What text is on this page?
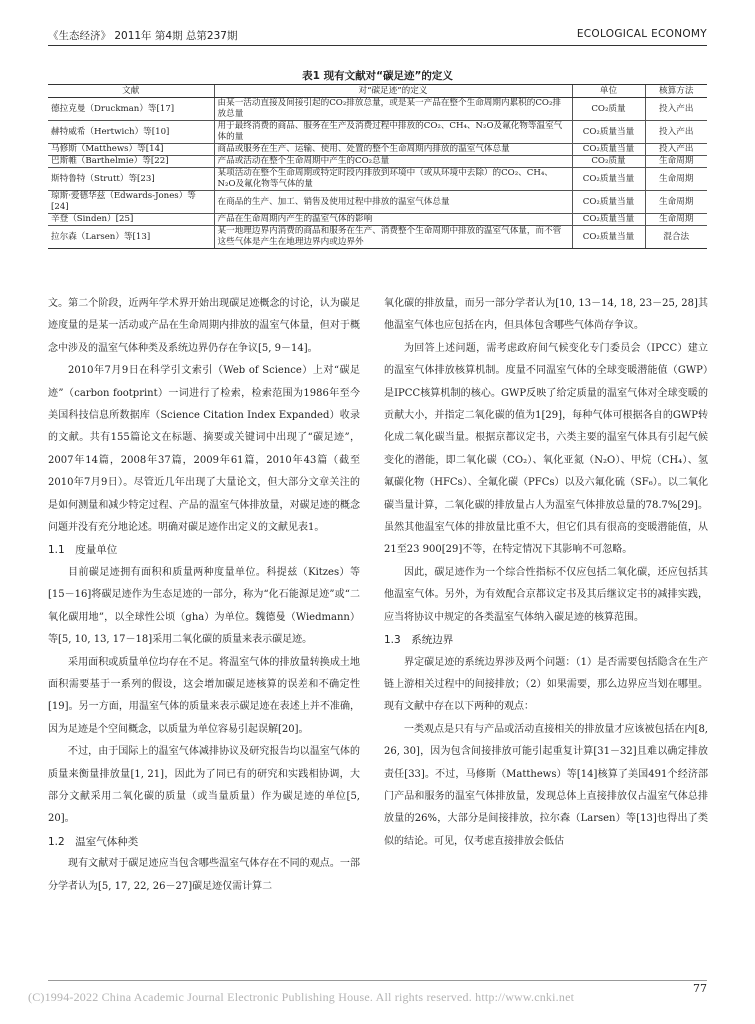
《生态经济》 2011年 第4期 总第237期	ECOLOGICAL ECONOMY
表1 现有文献对“碳足迹”的定义
文献	对“碳足迹”的定义	单位	核算方法
德拉克曼（Druckman）等[17]	由某一活动直接及间接引起的CO₂排放总量，或是某一产品在整个生命周期内累积的CO₂排放总量	CO₂质量	投入产出
赫特威希（Hertwich）等[10]	用于最终消费的商品、服务在生产及消费过程中排放的CO₂、CH₄、N₂O及氟化物等温室气体的量	CO₂质量当量	投入产出
马修斯（Matthews）等[14]	商品或服务在生产、运输、使用、处置的整个生命周期内排放的温室气体总量	CO₂质量当量	投入产出
巴斯帷（Barthelmie）等[22]	产品或活动在整个生命周期中产生的CO₂总量	CO₂质量	生命周期
斯特鲁特（Strutt）等[23]	某项活动在整个生命周期或特定时段内排放到环境中（或从环境中去除）的CO₂、CH₄、N₂O及氟化物等气体的量	CO₂质量当量	生命周期
琼斯·爱德华兹（Edwards-Jones）等[24]	在商品的生产、加工、销售及使用过程中排放的温室气体总量	CO₂质量当量	生命周期
辛登（Sinden）[25]	产品在生命周期内产生的温室气体的影响	CO₂质量当量	生命周期
拉尔森（Larsen）等[13]	某一地理边界内消费的商品和服务在生产、消费整个生命周期中排放的温室气体量，而不管这些气体是产生在地理边界内或边界外	CO₂质量当量	混合法

文。第二个阶段，近两年学术界开始出现碳足迹概念的讨论，认为碳足迹度量的是某一活动或产品在生命周期内排放的温室气体量，但对于概念中涉及的温室气体种类及系统边界仍存在争议[5, 9－14]。

2010年7月9日在科学引文索引（Web of Science）上对“碳足迹”（carbon footprint）一词进行了检索，检索范围为1986年至今美国科技信息所数据库（Science Citation Index Expanded）收录的文献。共有155篇论文在标题、摘要或关键词中出现了“碳足迹”，2007年14篇，2008年37篇，2009年61篇，2010年43篇（截至2010年7月9日）。尽管近几年出现了大量论文，但大部分文章关注的是如何测量和减少特定过程、产品的温室气体排放量，对碳足迹的概念问题并没有充分地论述。明确对碳足迹作出定义的文献见表1。

1.1　度量单位

目前碳足迹拥有面积和质量两种度量单位。科提兹（Kitzes）等[15－16]将碳足迹作为生态足迹的一部分，称为“化石能源足迹”或“二氧化碳用地”，以全球性公顷（gha）为单位。魏德曼（Wiedmann）等[5, 10, 13, 17－18]采用二氧化碳的质量来表示碳足迹。

采用面积或质量单位均存在不足。将温室气体的排放量转换成土地面积需要基于一系列的假设，这会增加碳足迹核算的误差和不确定性[19]。另一方面，用温室气体的质量来表示碳足迹在表述上并不准确，因为足迹是个空间概念，以质量为单位容易引起误解[20]。

不过，由于国际上的温室气体减排协议及研究报告均以温室气体的质量来衡量排放量[1, 21]，因此为了同已有的研究和实践相协调，大部分文献采用二氧化碳的质量（或当量质量）作为碳足迹的单位[5, 20]。

1.2　温室气体种类

现有文献对于碳足迹应当包含哪些温室气体存在不同的观点。一部分学者认为[5, 17, 22, 26－27]碳足迹仅需计算二

氧化碳的排放量，而另一部分学者认为[10, 13－14, 18, 23－25, 28]其他温室气体也应包括在内，但具体包含哪些气体尚存争议。

为回答上述问题，需考虑政府间气候变化专门委员会（IPCC）建立的温室气体排放核算机制。度量不同温室气体的全球变暖潜能值（GWP）是IPCC核算机制的核心。GWP反映了给定质量的温室气体对全球变暖的贡献大小，并指定二氧化碳的值为1[29]，每种气体可根据各自的GWP转化成二氧化碳当量。根据京都议定书，六类主要的温室气体具有引起气候变化的潜能，即二氧化碳（CO₂）、氧化亚氮（N₂O）、甲烷（CH₄）、氢氟碳化物（HFCs）、全氟化碳（PFCs）以及六氟化硫（SF₆）。以二氧化碳当量计算，二氧化碳的排放量占人为温室气体排放总量的78.7%[29]。虽然其他温室气体的排放量比重不大，但它们具有很高的变暖潜能值，从21至23 900[29]不等，在特定情况下其影响不可忽略。

因此，碳足迹作为一个综合性指标不仅应包括二氧化碳，还应包括其他温室气体。另外，为有效配合京都议定书及其后继议定书的减排实践，应当将协议中规定的各类温室气体纳入碳足迹的核算范围。

1.3　系统边界

界定碳足迹的系统边界涉及两个问题：（1）是否需要包括隐含在生产链上游相关过程中的间接排放；（2）如果需要，那么边界应当划在哪里。现有文献中存在以下两种的观点：

一类观点是只有与产品或活动直接相关的排放量才应该被包括在内[8, 26, 30]，因为包含间接排放可能引起重复计算[31－32]且难以确定排放责任[33]。不过，马修斯（Matthews）等[14]核算了美国491个经济部门产品和服务的温室气体排放量，发现总体上直接排放仅占温室气体总排放量的26%，大部分是间接排放，拉尔森（Larsen）等[13]也得出了类似的结论。可见，仅考虑直接排放会低估

(C)1994-2022 China Academic Journal Electronic Publishing House. All rights reserved. http://www.cnki.net
77
